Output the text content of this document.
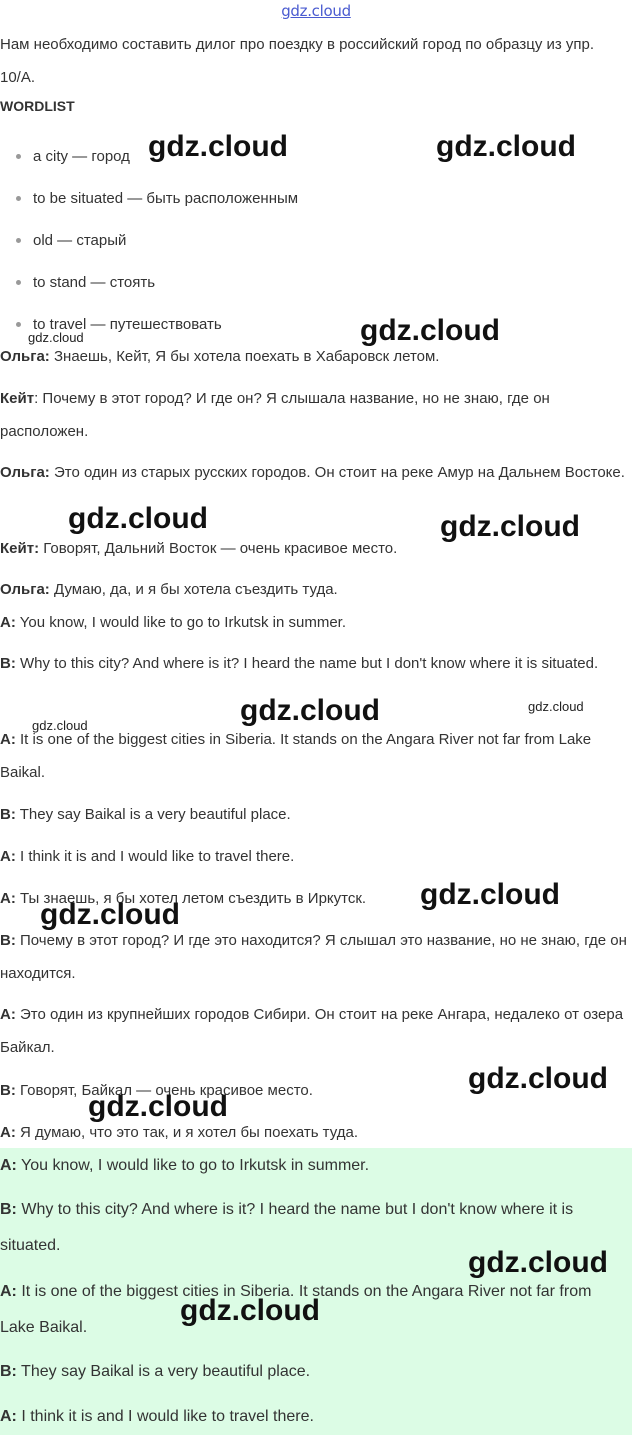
gdz.cloud

Нам необходимо составить дилог про поездку в российский город по образцу из упр. 10/A.

WORDLIST
a city — город
to be situated — быть расположенным
old — старый
to stand — стоять
to travel — путешествовать

Ольга: Знаешь, Кейт, Я бы хотела поехать в Хабаровск летом.

Кейт: Почему в этот город? И где он? Я слышала название, но не знаю, где он расположен.

Ольга: Это один из старых русских городов. Он стоит на реке Амур на Дальнем Востоке.

Кейт: Говорят, Дальний Восток — очень красивое место.

Ольга: Думаю, да, и я бы хотела съездить туда.

A: You know, I would like to go to Irkutsk in summer.

B: Why to this city? And where is it? I heard the name but I don't know where it is situated.

A: It is one of the biggest cities in Siberia. It stands on the Angara River not far from Lake Baikal.

B: They say Baikal is a very beautiful place.

A: I think it is and I would like to travel there.

A: Ты знаешь, я бы хотел летом съездить в Иркутск.

B: Почему в этот город? И где это находится? Я слышал это название, но не знаю, где он находится.

A: Это один из крупнейших городов Сибири. Он стоит на реке Ангара, недалеко от озера Байкал.

B: Говорят, Байкал — очень красивое место.

A: Я думаю, что это так, и я хотел бы поехать туда.

A: You know, I would like to go to Irkutsk in summer.

B: Why to this city? And where is it? I heard the name but I don't know where it is situated.

A: It is one of the biggest cities in Siberia. It stands on the Angara River not far from Lake Baikal.

B: They say Baikal is a very beautiful place.

A: I think it is and I would like to travel there.

gdz.cloud	gdz.cloud
gdz.cloud
gdz.cloud
gdz.cloud	gdz.cloud
gdz.cloud	gdz.cloud
gdz.cloud
gdz.cloud
gdz.cloud
gdz.cloud
gdz.cloud
gdz.cloud
gdz.cloud
